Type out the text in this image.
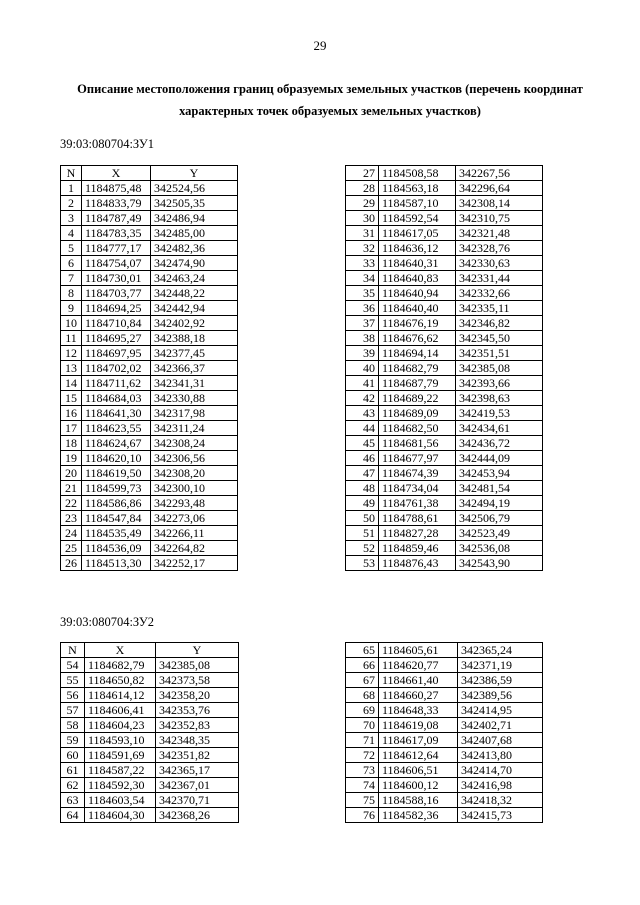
29
Описание местоположения границ образуемых земельных участков (перечень координат характерных точек образуемых земельных участков)
39:03:080704:ЗУ1
N	X	Y
1	1184875,48	342524,56
2	1184833,79	342505,35
3	1184787,49	342486,94
4	1184783,35	342485,00
5	1184777,17	342482,36
6	1184754,07	342474,90
7	1184730,01	342463,24
8	1184703,77	342448,22
9	1184694,25	342442,94
10	1184710,84	342402,92
11	1184695,27	342388,18
12	1184697,95	342377,45
13	1184702,02	342366,37
14	1184711,62	342341,31
15	1184684,03	342330,88
16	1184641,30	342317,98
17	1184623,55	342311,24
18	1184624,67	342308,24
19	1184620,10	342306,56
20	1184619,50	342308,20
21	1184599,73	342300,10
22	1184586,86	342293,48
23	1184547,84	342273,06
24	1184535,49	342266,11
25	1184536,09	342264,82
26	1184513,30	342252,17
27	1184508,58	342267,56
28	1184563,18	342296,64
29	1184587,10	342308,14
30	1184592,54	342310,75
31	1184617,05	342321,48
32	1184636,12	342328,76
33	1184640,31	342330,63
34	1184640,83	342331,44
35	1184640,94	342332,66
36	1184640,40	342335,11
37	1184676,19	342346,82
38	1184676,62	342345,50
39	1184694,14	342351,51
40	1184682,79	342385,08
41	1184687,79	342393,66
42	1184689,22	342398,63
43	1184689,09	342419,53
44	1184682,50	342434,61
45	1184681,56	342436,72
46	1184677,97	342444,09
47	1184674,39	342453,94
48	1184734,04	342481,54
49	1184761,38	342494,19
50	1184788,61	342506,79
51	1184827,28	342523,49
52	1184859,46	342536,08
53	1184876,43	342543,90
39:03:080704:ЗУ2
N	X	Y
54	1184682,79	342385,08
55	1184650,82	342373,58
56	1184614,12	342358,20
57	1184606,41	342353,76
58	1184604,23	342352,83
59	1184593,10	342348,35
60	1184591,69	342351,82
61	1184587,22	342365,17
62	1184592,30	342367,01
63	1184603,54	342370,71
64	1184604,30	342368,26
65	1184605,61	342365,24
66	1184620,77	342371,19
67	1184661,40	342386,59
68	1184660,27	342389,56
69	1184648,33	342414,95
70	1184619,08	342402,71
71	1184617,09	342407,68
72	1184612,64	342413,80
73	1184606,51	342414,70
74	1184600,12	342416,98
75	1184588,16	342418,32
76	1184582,36	342415,73
